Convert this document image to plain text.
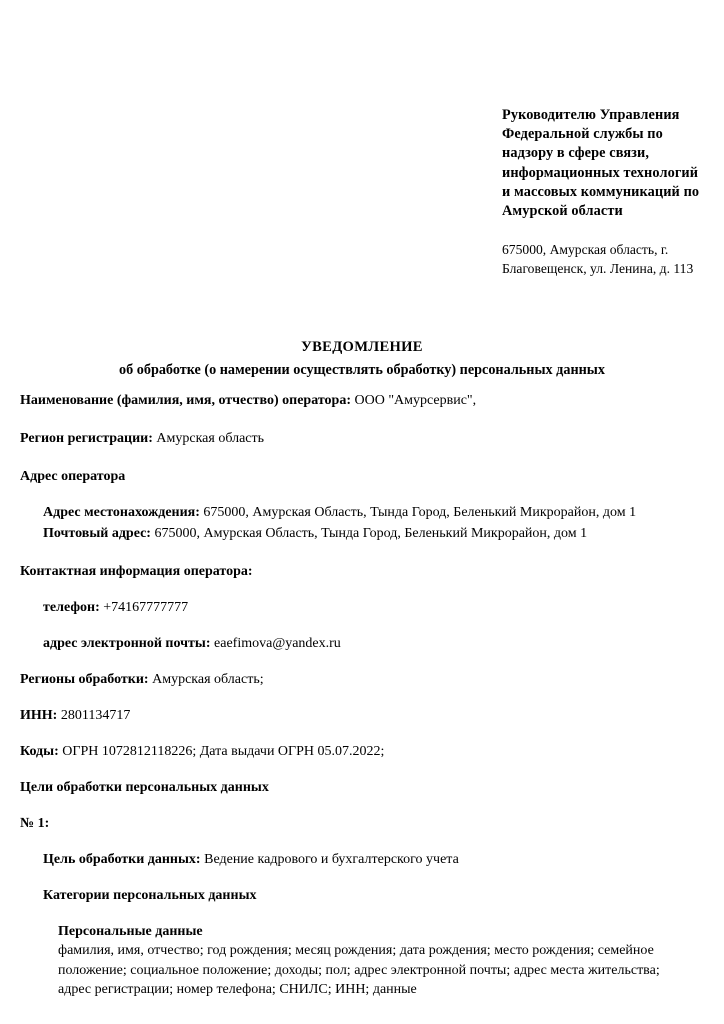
Руководителю Управления Федеральной службы по надзору в сфере связи, информационных технологий и массовых коммуникаций по Амурской области
675000, Амурская область, г. Благовещенск, ул. Ленина, д. 113
УВЕДОМЛЕНИЕ
об обработке (о намерении осуществлять обработку) персональных данных
Наименование (фамилия, имя, отчество) оператора: ООО "Амурсервис",
Регион регистрации: Амурская область
Адрес оператора
Адрес местонахождения: 675000, Амурская Область, Тында Город, Беленький Микрорайон, дом 1
Почтовый адрес: 675000, Амурская Область, Тында Город, Беленький Микрорайон, дом 1
Контактная информация оператора:
телефон: +74167777777
адрес электронной почты: eaefimova@yandex.ru
Регионы обработки: Амурская область;
ИНН: 2801134717
Коды: ОГРН 1072812118226; Дата выдачи ОГРН 05.07.2022;
Цели обработки персональных данных
№ 1:
Цель обработки данных: Ведение кадрового и бухгалтерского учета
Категории персональных данных
Персональные данные
фамилия, имя, отчество; год рождения; месяц рождения; дата рождения; место рождения; семейное положение; социальное положение; доходы; пол; адрес электронной почты; адрес места жительства; адрес регистрации; номер телефона; СНИЛС; ИНН; данные
